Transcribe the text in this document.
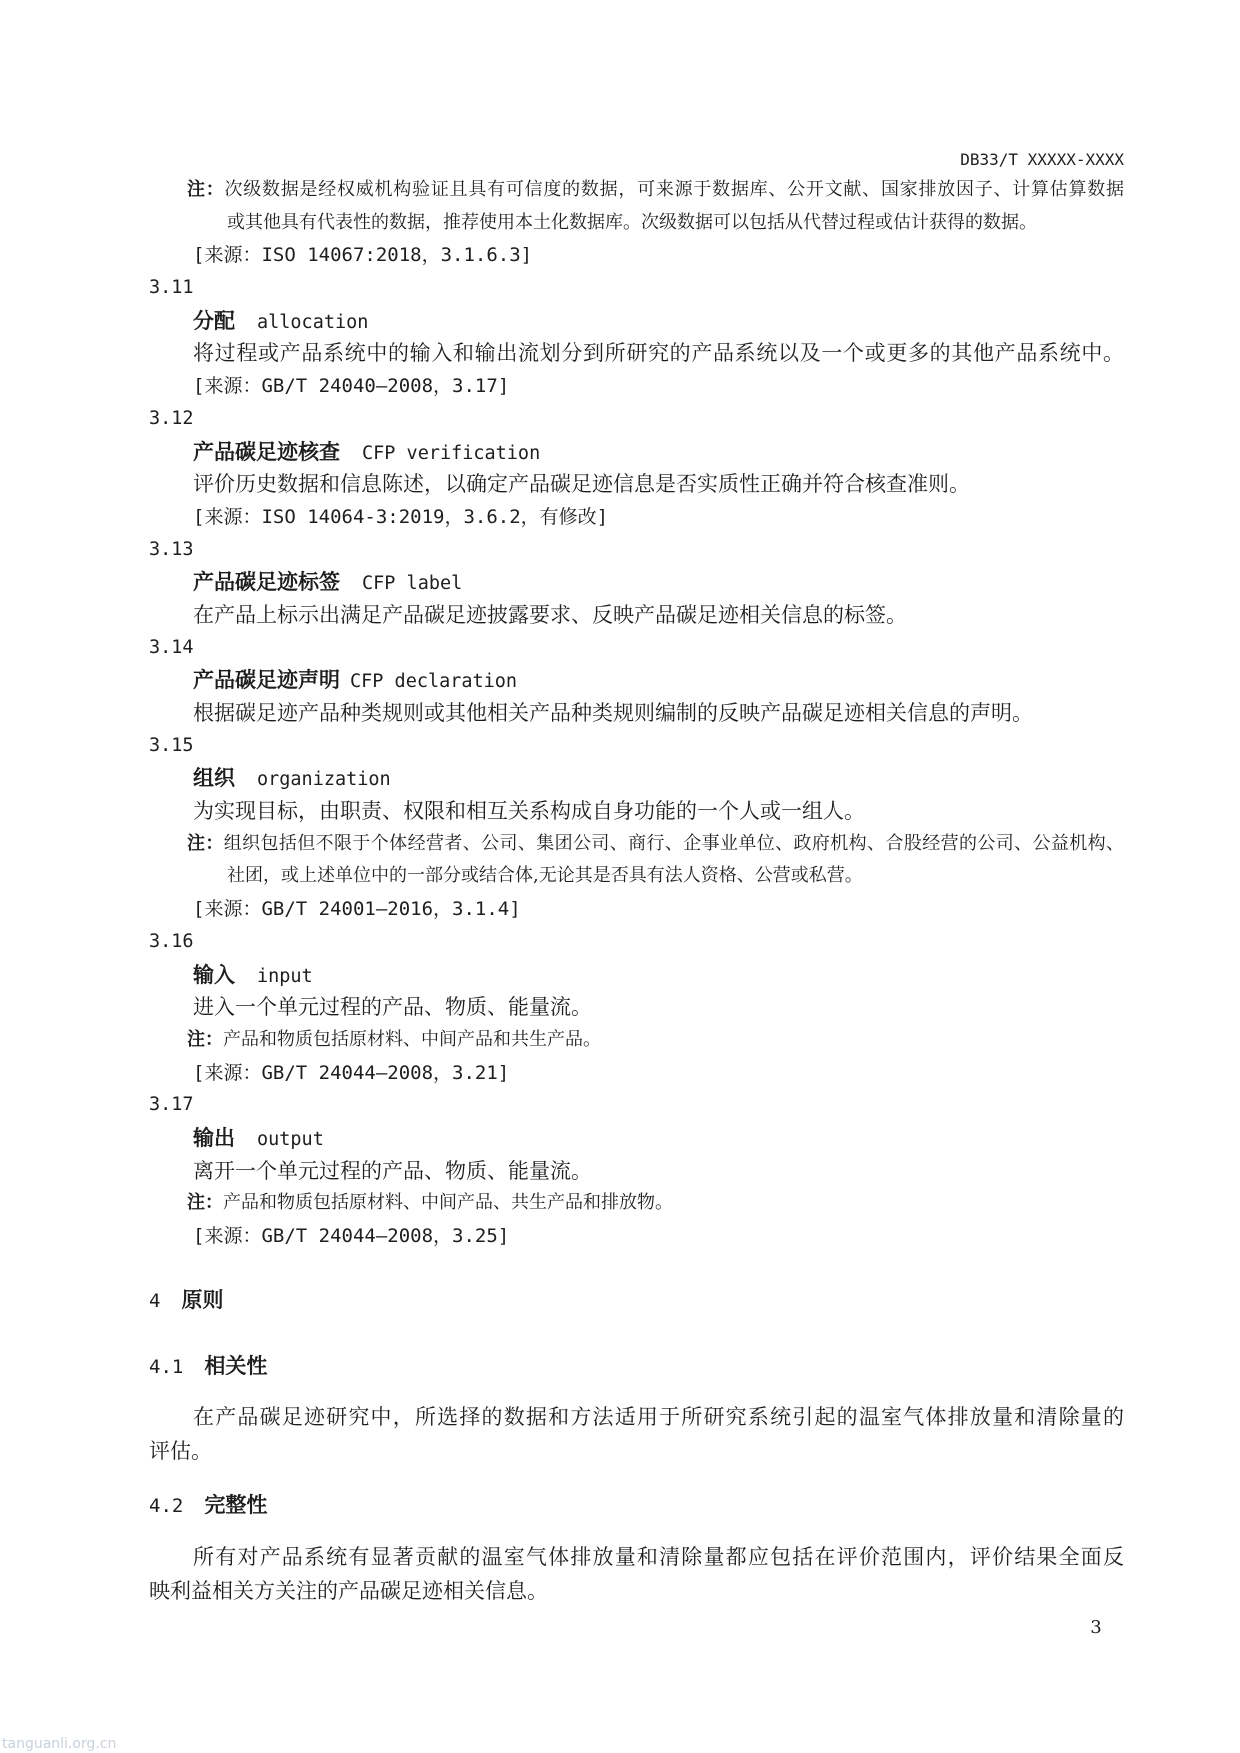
DB33/T XXXXX-XXXX
注：次级数据是经权威机构验证且具有可信度的数据，可来源于数据库、公开文献、国家排放因子、计算估算数据
或其他具有代表性的数据，推荐使用本土化数据库。次级数据可以包括从代替过程或估计获得的数据。
[来源：ISO 14067:2018，3.1.6.3]
3.11
分配 allocation
将过程或产品系统中的输入和输出流划分到所研究的产品系统以及一个或更多的其他产品系统中。
[来源：GB/T 24040—2008，3.17]
3.12
产品碳足迹核查 CFP verification
评价历史数据和信息陈述，以确定产品碳足迹信息是否实质性正确并符合核查准则。
[来源：ISO 14064-3:2019，3.6.2，有修改]
3.13
产品碳足迹标签 CFP label
在产品上标示出满足产品碳足迹披露要求、反映产品碳足迹相关信息的标签。
3.14
产品碳足迹声明 CFP declaration
根据碳足迹产品种类规则或其他相关产品种类规则编制的反映产品碳足迹相关信息的声明。
3.15
组织 organization
为实现目标，由职责、权限和相互关系构成自身功能的一个人或一组人。
注：组织包括但不限于个体经营者、公司、集团公司、商行、企事业单位、政府机构、合股经营的公司、公益机构、
社团，或上述单位中的一部分或结合体,无论其是否具有法人资格、公营或私营。
[来源：GB/T 24001—2016，3.1.4]
3.16
输入 input
进入一个单元过程的产品、物质、能量流。
注：产品和物质包括原材料、中间产品和共生产品。
[来源：GB/T 24044—2008，3.21]
3.17
输出 output
离开一个单元过程的产品、物质、能量流。
注：产品和物质包括原材料、中间产品、共生产品和排放物。
[来源：GB/T 24044—2008，3.25]
4 原则
4.1 相关性
在产品碳足迹研究中，所选择的数据和方法适用于所研究系统引起的温室气体排放量和清除量的
评估。
4.2 完整性
所有对产品系统有显著贡献的温室气体排放量和清除量都应包括在评价范围内，评价结果全面反
映利益相关方关注的产品碳足迹相关信息。
3
tanguanli.org.cn
